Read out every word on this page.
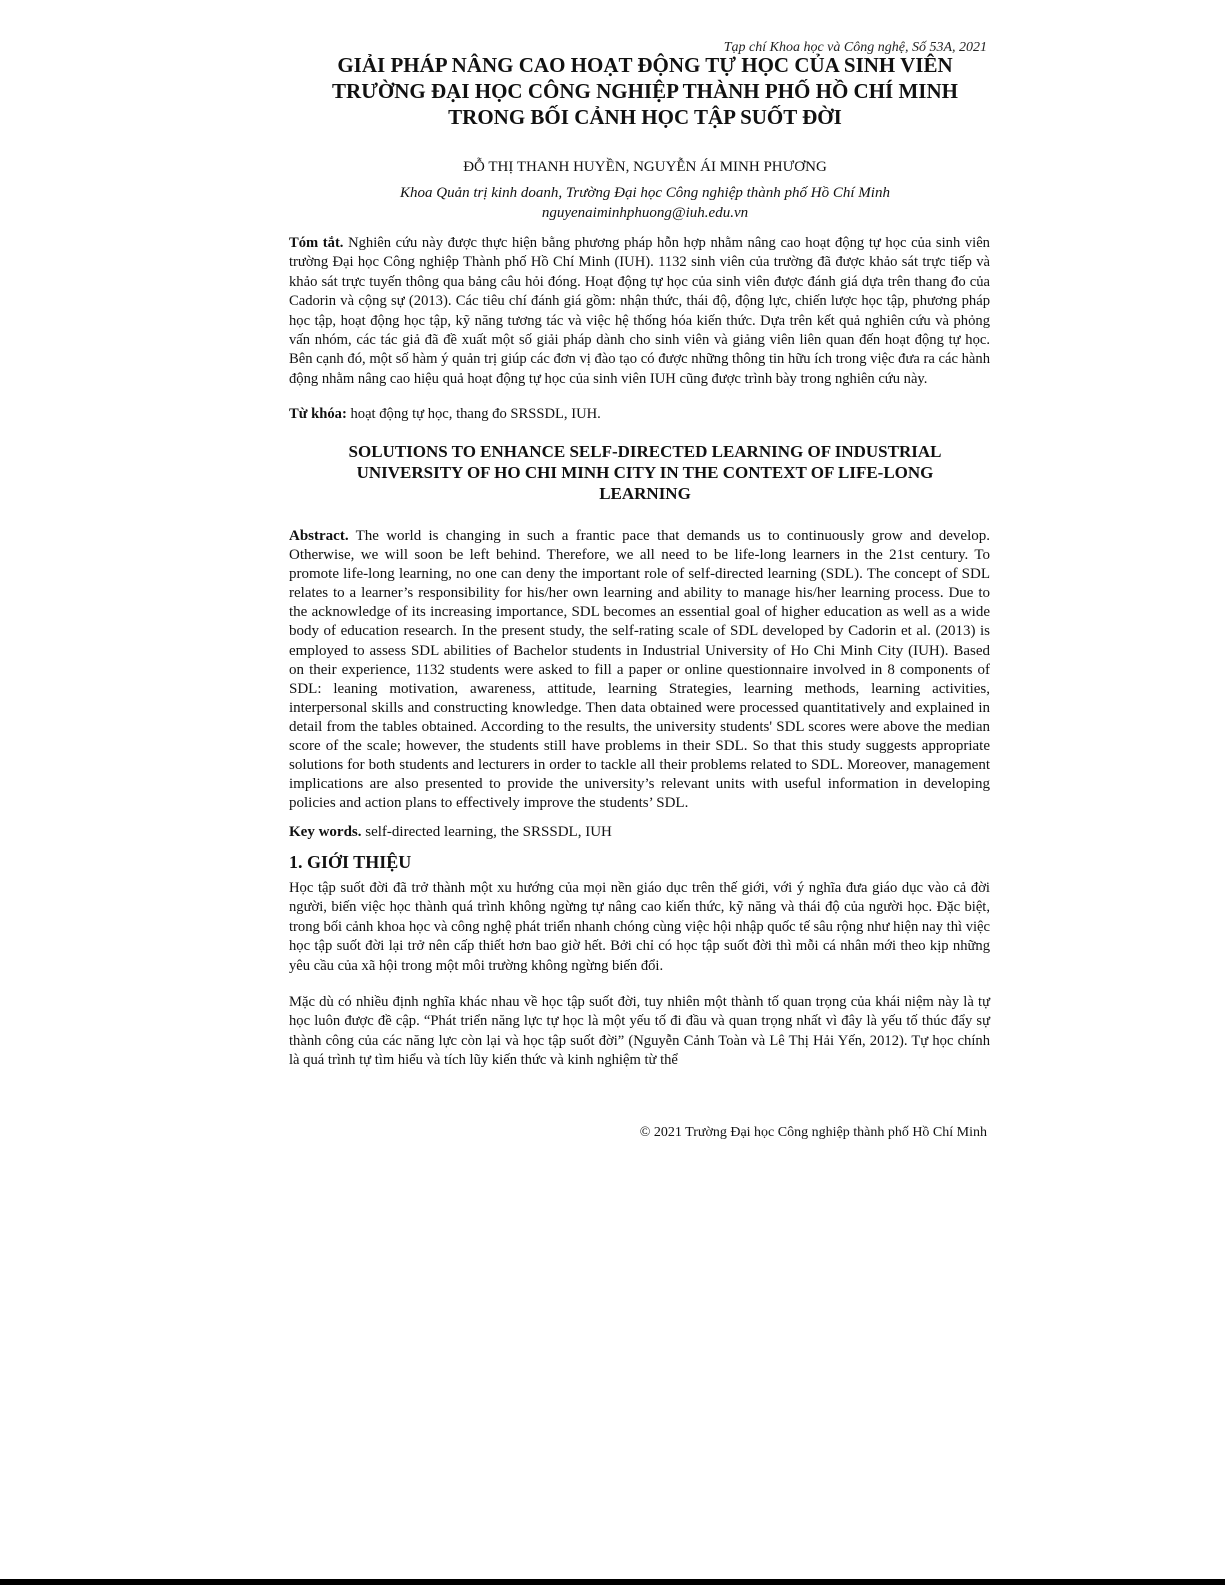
Tạp chí Khoa học và Công nghệ, Số 53A, 2021
GIẢI PHÁP NÂNG CAO HOẠT ĐỘNG TỰ HỌC CỦA SINH VIÊN
TRƯỜNG ĐẠI HỌC CÔNG NGHIỆP THÀNH PHỐ HỒ CHÍ MINH
TRONG BỐI CẢNH HỌC TẬP SUỐT ĐỜI
ĐỖ THỊ THANH HUYỀN, NGUYỄN ÁI MINH PHƯƠNG
Khoa Quản trị kinh doanh, Trường Đại học Công nghiệp thành phố Hồ Chí Minh
nguyenaiminhphuong@iuh.edu.vn
Tóm tắt. Nghiên cứu này được thực hiện bằng phương pháp hỗn hợp nhằm nâng cao hoạt động tự học của sinh viên trường Đại học Công nghiệp Thành phố Hồ Chí Minh (IUH). 1132 sinh viên của trường đã được khảo sát trực tiếp và khảo sát trực tuyến thông qua bảng câu hỏi đóng. Hoạt động tự học của sinh viên được đánh giá dựa trên thang đo của Cadorin và cộng sự (2013). Các tiêu chí đánh giá gồm: nhận thức, thái độ, động lực, chiến lược học tập, phương pháp học tập, hoạt động học tập, kỹ năng tương tác và việc hệ thống hóa kiến thức. Dựa trên kết quả nghiên cứu và phỏng vấn nhóm, các tác giả đã đề xuất một số giải pháp dành cho sinh viên và giảng viên liên quan đến hoạt động tự học. Bên cạnh đó, một số hàm ý quản trị giúp các đơn vị đào tạo có được những thông tin hữu ích trong việc đưa ra các hành động nhằm nâng cao hiệu quả hoạt động tự học của sinh viên IUH cũng được trình bày trong nghiên cứu này.
Từ khóa: hoạt động tự học, thang đo SRSSDL, IUH.
SOLUTIONS TO ENHANCE SELF-DIRECTED LEARNING OF INDUSTRIAL
UNIVERSITY OF HO CHI MINH CITY IN THE CONTEXT OF LIFE-LONG
LEARNING
Abstract. The world is changing in such a frantic pace that demands us to continuously grow and develop. Otherwise, we will soon be left behind. Therefore, we all need to be life-long learners in the 21st century. To promote life-long learning, no one can deny the important role of self-directed learning (SDL). The concept of SDL relates to a learner’s responsibility for his/her own learning and ability to manage his/her learning process. Due to the acknowledge of its increasing importance, SDL becomes an essential goal of higher education as well as a wide body of education research. In the present study, the self-rating scale of SDL developed by Cadorin et al. (2013) is employed to assess SDL abilities of Bachelor students in Industrial University of Ho Chi Minh City (IUH). Based on their experience, 1132 students were asked to fill a paper or online questionnaire involved in 8 components of SDL: leaning motivation, awareness, attitude, learning Strategies, learning methods, learning activities, interpersonal skills and constructing knowledge. Then data obtained were processed quantitatively and explained in detail from the tables obtained. According to the results, the university students' SDL scores were above the median score of the scale; however, the students still have problems in their SDL. So that this study suggests appropriate solutions for both students and lecturers in order to tackle all their problems related to SDL. Moreover, management implications are also presented to provide the university’s relevant units with useful information in developing policies and action plans to effectively improve the students’ SDL.
Key words. self-directed learning, the SRSSDL, IUH
1. GIỚI THIỆU
Học tập suốt đời đã trở thành một xu hướng của mọi nền giáo dục trên thế giới, với ý nghĩa đưa giáo dục vào cả đời người, biến việc học thành quá trình không ngừng tự nâng cao kiến thức, kỹ năng và thái độ của người học. Đặc biệt, trong bối cảnh khoa học và công nghệ phát triển nhanh chóng cùng việc hội nhập quốc tế sâu rộng như hiện nay thì việc học tập suốt đời lại trở nên cấp thiết hơn bao giờ hết. Bởi chỉ có học tập suốt đời thì mỗi cá nhân mới theo kịp những yêu cầu của xã hội trong một môi trường không ngừng biến đổi.
Mặc dù có nhiều định nghĩa khác nhau về học tập suốt đời, tuy nhiên một thành tố quan trọng của khái niệm này là tự học luôn được đề cập. “Phát triển năng lực tự học là một yếu tố đi đầu và quan trọng nhất vì đây là yếu tố thúc đẩy sự thành công của các năng lực còn lại và học tập suốt đời” (Nguyễn Cảnh Toàn và Lê Thị Hải Yến, 2012). Tự học chính là quá trình tự tìm hiểu và tích lũy kiến thức và kinh nghiệm từ thể
© 2021 Trường Đại học Công nghiệp thành phố Hồ Chí Minh
